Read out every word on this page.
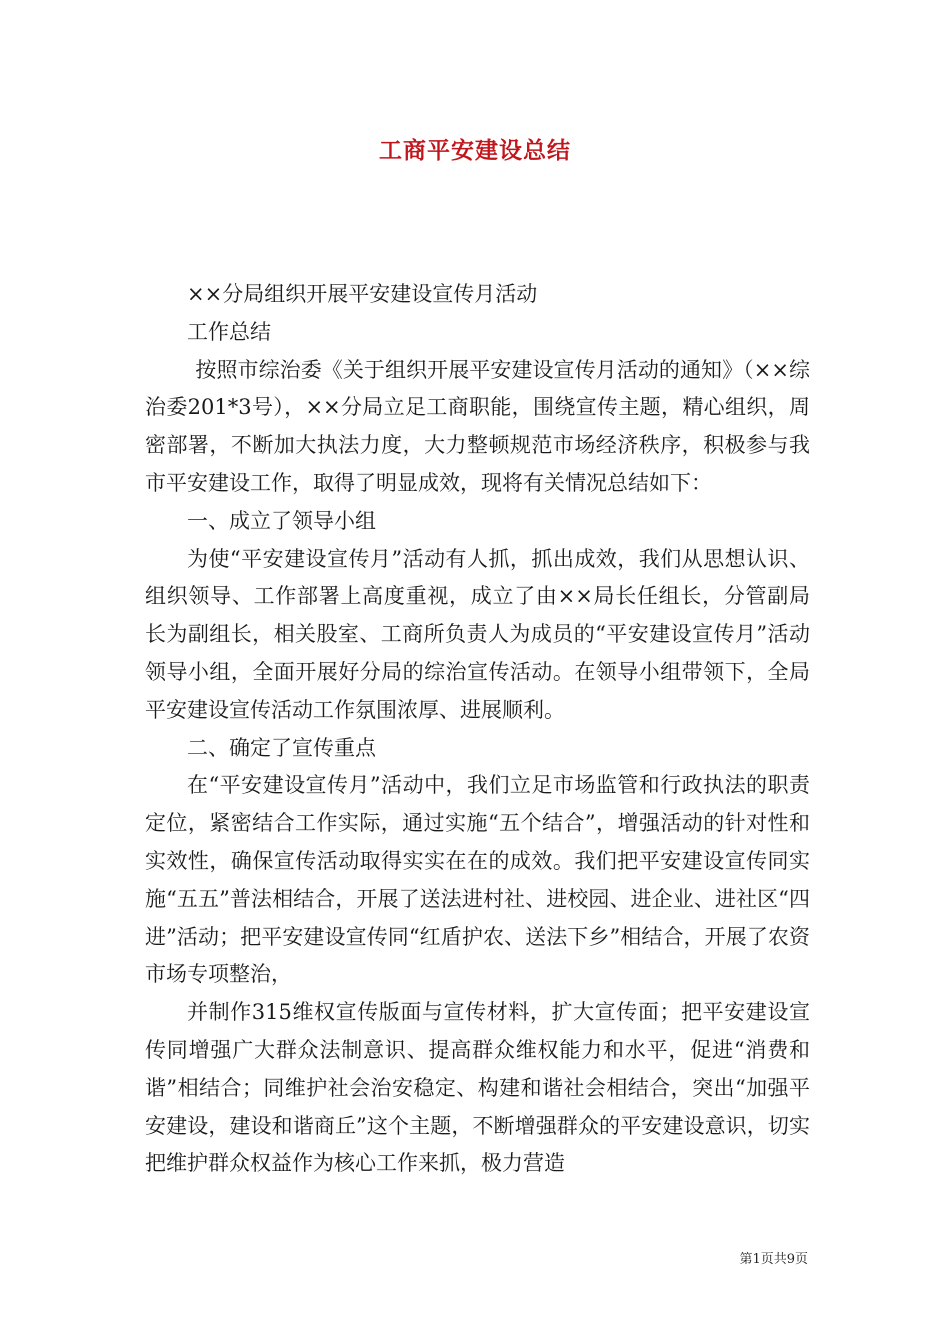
工商平安建设总结

××分局组织开展平安建设宣传月活动

工作总结

按照市综治委《关于组织开展平安建设宣传月活动的通知》（××综治委201*3号），××分局立足工商职能，围绕宣传主题，精心组织，周密部署，不断加大执法力度，大力整顿规范市场经济秩序，积极参与我市平安建设工作，取得了明显成效，现将有关情况总结如下：

一、成立了领导小组

为使“平安建设宣传月”活动有人抓，抓出成效，我们从思想认识、组织领导、工作部署上高度重视，成立了由××局长任组长，分管副局长为副组长，相关股室、工商所负责人为成员的“平安建设宣传月”活动领导小组，全面开展好分局的综治宣传活动。在领导小组带领下，全局平安建设宣传活动工作氛围浓厚、进展顺利。

二、确定了宣传重点

在“平安建设宣传月”活动中，我们立足市场监管和行政执法的职责定位，紧密结合工作实际，通过实施“五个结合”，增强活动的针对性和实效性，确保宣传活动取得实实在在的成效。我们把平安建设宣传同实施“五五”普法相结合，开展了送法进村社、进校园、进企业、进社区“四进”活动；把平安建设宣传同“红盾护农、送法下乡”相结合，开展了农资市场专项整治，

并制作315维权宣传版面与宣传材料，扩大宣传面；把平安建设宣传同增强广大群众法制意识、提高群众维权能力和水平，促进“消费和谐”相结合；同维护社会治安稳定、构建和谐社会相结合，突出“加强平安建设，建设和谐商丘”这个主题，不断增强群众的平安建设意识，切实把维护群众权益作为核心工作来抓，极力营造

第1页共9页
